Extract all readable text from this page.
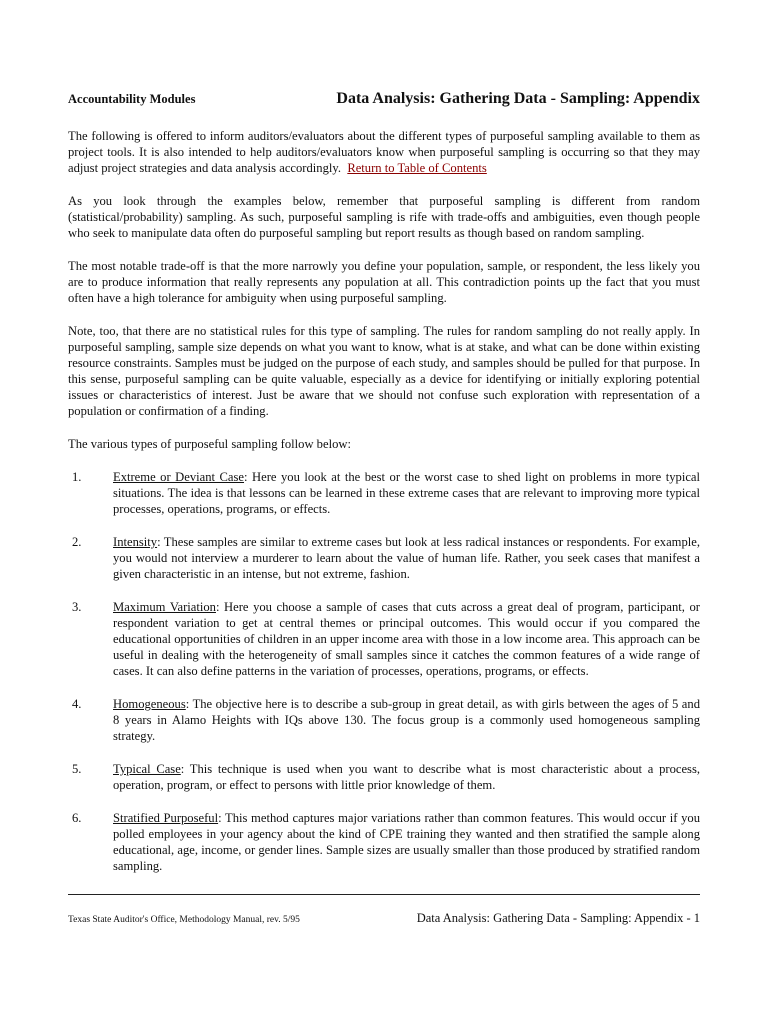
Accountability Modules	Data Analysis: Gathering Data - Sampling: Appendix

The following is offered to inform auditors/evaluators about the different types of purposeful sampling available to them as project tools. It is also intended to help auditors/evaluators know when purposeful sampling is occurring so that they may adjust project strategies and data analysis accordingly. Return to Table of Contents

As you look through the examples below, remember that purposeful sampling is different from random (statistical/probability) sampling. As such, purposeful sampling is rife with trade-offs and ambiguities, even though people who seek to manipulate data often do purposeful sampling but report results as though based on random sampling.

The most notable trade-off is that the more narrowly you define your population, sample, or respondent, the less likely you are to produce information that really represents any population at all. This contradiction points up the fact that you must often have a high tolerance for ambiguity when using purposeful sampling.

Note, too, that there are no statistical rules for this type of sampling. The rules for random sampling do not really apply. In purposeful sampling, sample size depends on what you want to know, what is at stake, and what can be done within existing resource constraints. Samples must be judged on the purpose of each study, and samples should be pulled for that purpose. In this sense, purposeful sampling can be quite valuable, especially as a device for identifying or initially exploring potential issues or characteristics of interest. Just be aware that we should not confuse such exploration with representation of a population or confirmation of a finding.

The various types of purposeful sampling follow below:

1.	Extreme or Deviant Case: Here you look at the best or the worst case to shed light on problems in more typical situations. The idea is that lessons can be learned in these extreme cases that are relevant to improving more typical processes, operations, programs, or effects.
2.	Intensity: These samples are similar to extreme cases but look at less radical instances or respondents. For example, you would not interview a murderer to learn about the value of human life. Rather, you seek cases that manifest a given characteristic in an intense, but not extreme, fashion.
3.	Maximum Variation: Here you choose a sample of cases that cuts across a great deal of program, participant, or respondent variation to get at central themes or principal outcomes. This would occur if you compared the educational opportunities of children in an upper income area with those in a low income area. This approach can be useful in dealing with the heterogeneity of small samples since it catches the common features of a wide range of cases. It can also define patterns in the variation of processes, operations, programs, or effects.
4.	Homogeneous: The objective here is to describe a sub-group in great detail, as with girls between the ages of 5 and 8 years in Alamo Heights with IQs above 130. The focus group is a commonly used homogeneous sampling strategy.
5.	Typical Case: This technique is used when you want to describe what is most characteristic about a process, operation, program, or effect to persons with little prior knowledge of them.
6.	Stratified Purposeful: This method captures major variations rather than common features. This would occur if you polled employees in your agency about the kind of CPE training they wanted and then stratified the sample along educational, age, income, or gender lines. Sample sizes are usually smaller than those produced by stratified random sampling.
Texas State Auditor's Office, Methodology Manual, rev. 5/95	Data Analysis: Gathering Data - Sampling: Appendix - 1
